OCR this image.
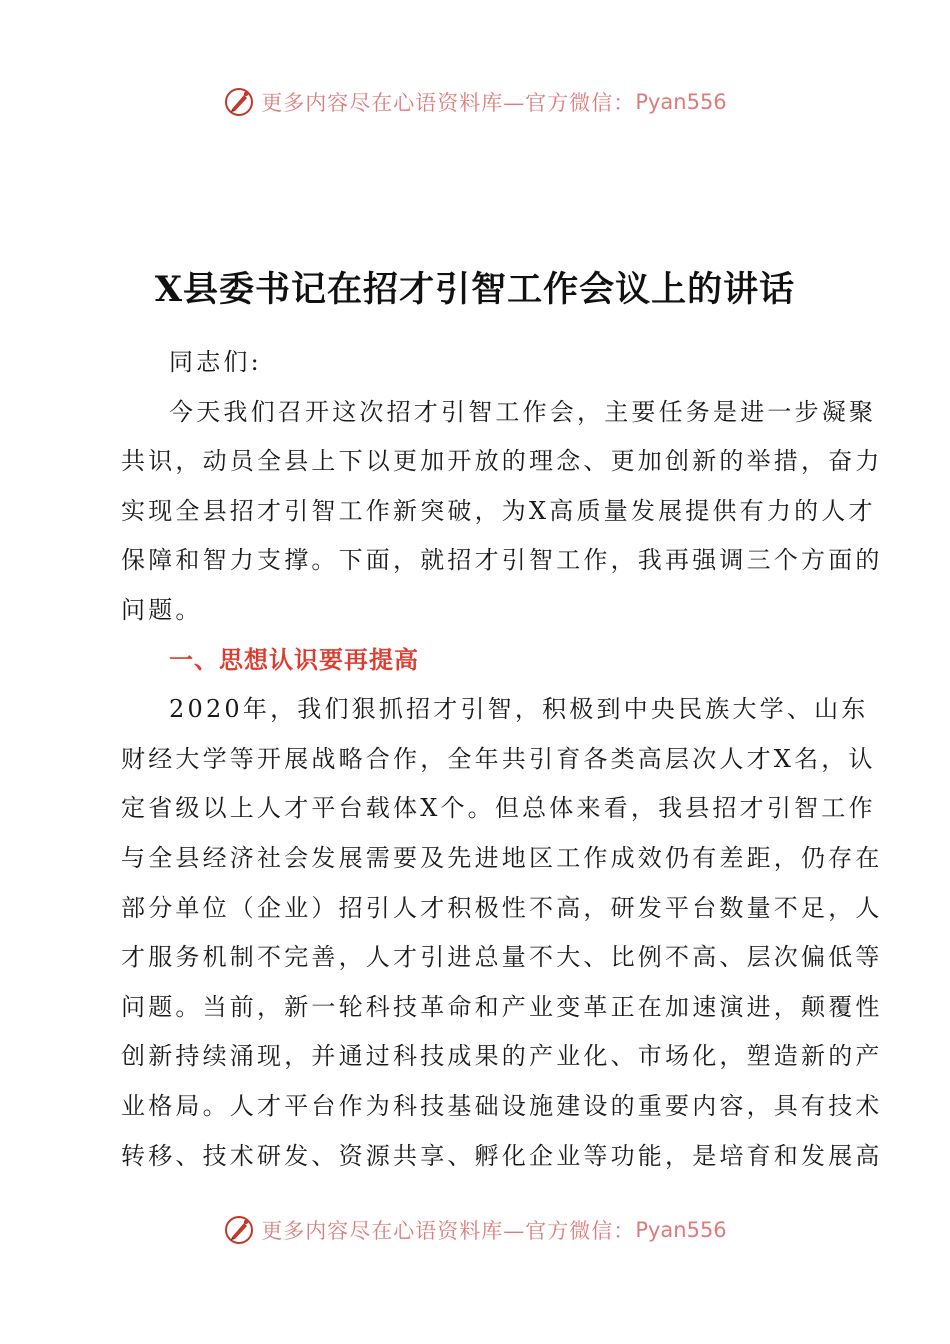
更多内容尽在心语资料库—官方微信： Pyan556
X县委书记在招才引智工作会议上的讲话
同志们:
今天我们召开这次招才引智工作会，主要任务是进一步凝聚
共识，动员全县上下以更加开放的理念、更加创新的举措，奋力
实现全县招才引智工作新突破，为X高质量发展提供有力的人才
保障和智力支撑。下面，就招才引智工作，我再强调三个方面的
问题。
一、思想认识要再提高
2020年，我们狠抓招才引智，积极到中央民族大学、山东
财经大学等开展战略合作，全年共引育各类高层次人才X名，认
定省级以上人才平台载体X个。但总体来看，我县招才引智工作
与全县经济社会发展需要及先进地区工作成效仍有差距，仍存在
部分单位（企业）招引人才积极性不高，研发平台数量不足，人
才服务机制不完善，人才引进总量不大、比例不高、层次偏低等
问题。当前，新一轮科技革命和产业变革正在加速演进，颠覆性
创新持续涌现，并通过科技成果的产业化、市场化，塑造新的产
业格局。人才平台作为科技基础设施建设的重要内容，具有技术
转移、技术研发、资源共享、孵化企业等功能，是培育和发展高
更多内容尽在心语资料库—官方微信： Pyan556
